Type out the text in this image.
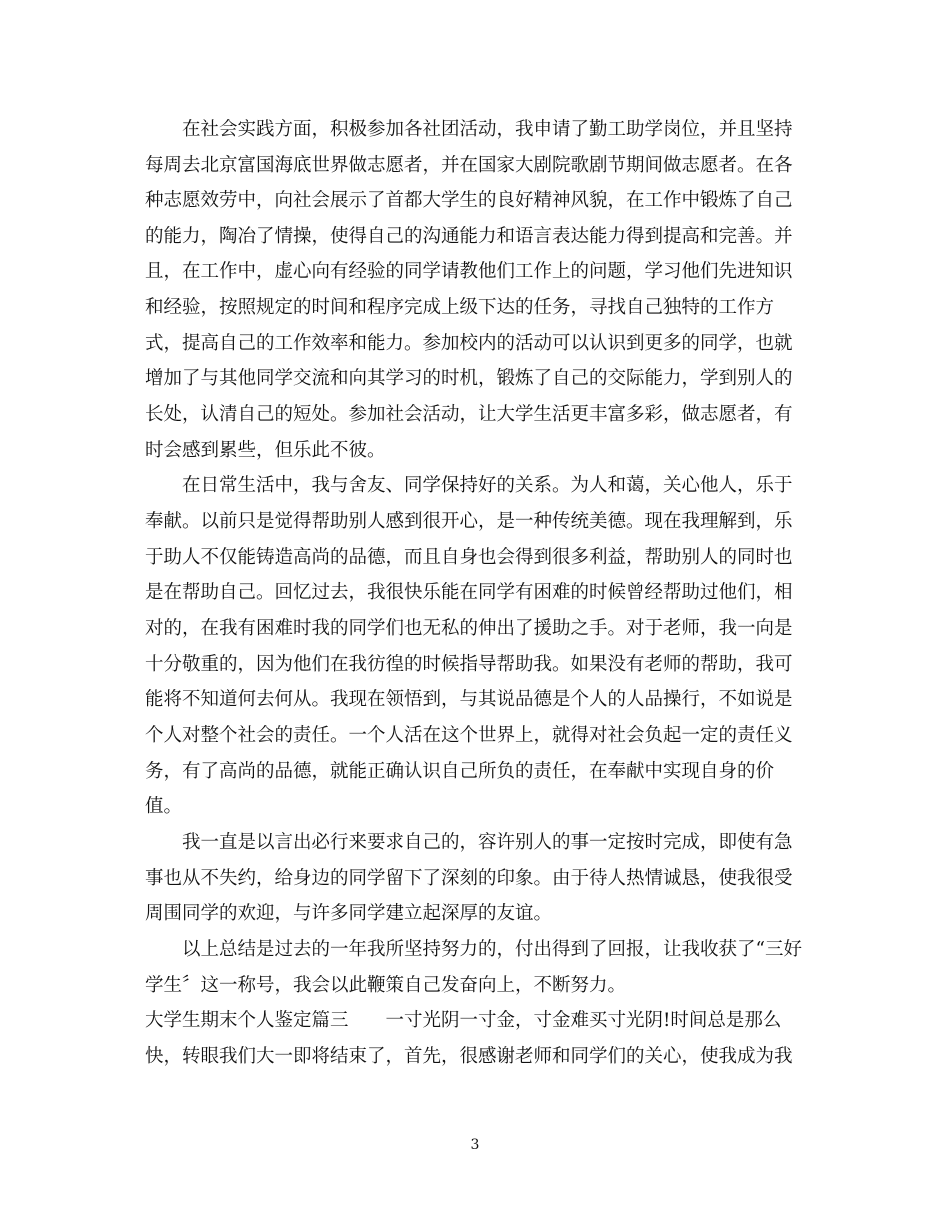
　　在社会实践方面，积极参加各社团活动，我申请了勤工助学岗位，并且坚持
每周去北京富国海底世界做志愿者，并在国家大剧院歌剧节期间做志愿者。在各
种志愿效劳中，向社会展示了首都大学生的良好精神风貌，在工作中锻炼了自己
的能力，陶冶了情操，使得自己的沟通能力和语言表达能力得到提高和完善。并
且，在工作中，虚心向有经验的同学请教他们工作上的问题，学习他们先进知识
和经验，按照规定的时间和程序完成上级下达的任务，寻找自己独特的工作方
式，提高自己的工作效率和能力。参加校内的活动可以认识到更多的同学，也就
增加了与其他同学交流和向其学习的时机，锻炼了自己的交际能力，学到别人的
长处，认清自己的短处。参加社会活动，让大学生活更丰富多彩，做志愿者，有
时会感到累些，但乐此不彼。
　　在日常生活中，我与舍友、同学保持好的关系。为人和蔼，关心他人，乐于
奉献。以前只是觉得帮助别人感到很开心，是一种传统美德。现在我理解到，乐
于助人不仅能铸造高尚的品德，而且自身也会得到很多利益，帮助别人的同时也
是在帮助自己。回忆过去，我很快乐能在同学有困难的时候曾经帮助过他们，相
对的，在我有困难时我的同学们也无私的伸出了援助之手。对于老师，我一向是
十分敬重的，因为他们在我彷徨的时候指导帮助我。如果没有老师的帮助，我可
能将不知道何去何从。我现在领悟到，与其说品德是个人的人品操行，不如说是
个人对整个社会的责任。一个人活在这个世界上，就得对社会负起一定的责任义
务，有了高尚的品德，就能正确认识自己所负的责任，在奉献中实现自身的价
值。
　　我一直是以言出必行来要求自己的，容许别人的事一定按时完成，即使有急
事也从不失约，给身边的同学留下了深刻的印象。由于待人热情诚恳，使我很受
周围同学的欢迎，与许多同学建立起深厚的友谊。
　　以上总结是过去的一年我所坚持努力的，付出得到了回报，让我收获了“三好
学生〞这一称号，我会以此鞭策自己发奋向上，不断努力。
大学生期末个人鉴定篇三　　一寸光阴一寸金，寸金难买寸光阴!时间总是那么
快，转眼我们大一即将结束了，首先，很感谢老师和同学们的关心，使我成为我
3
